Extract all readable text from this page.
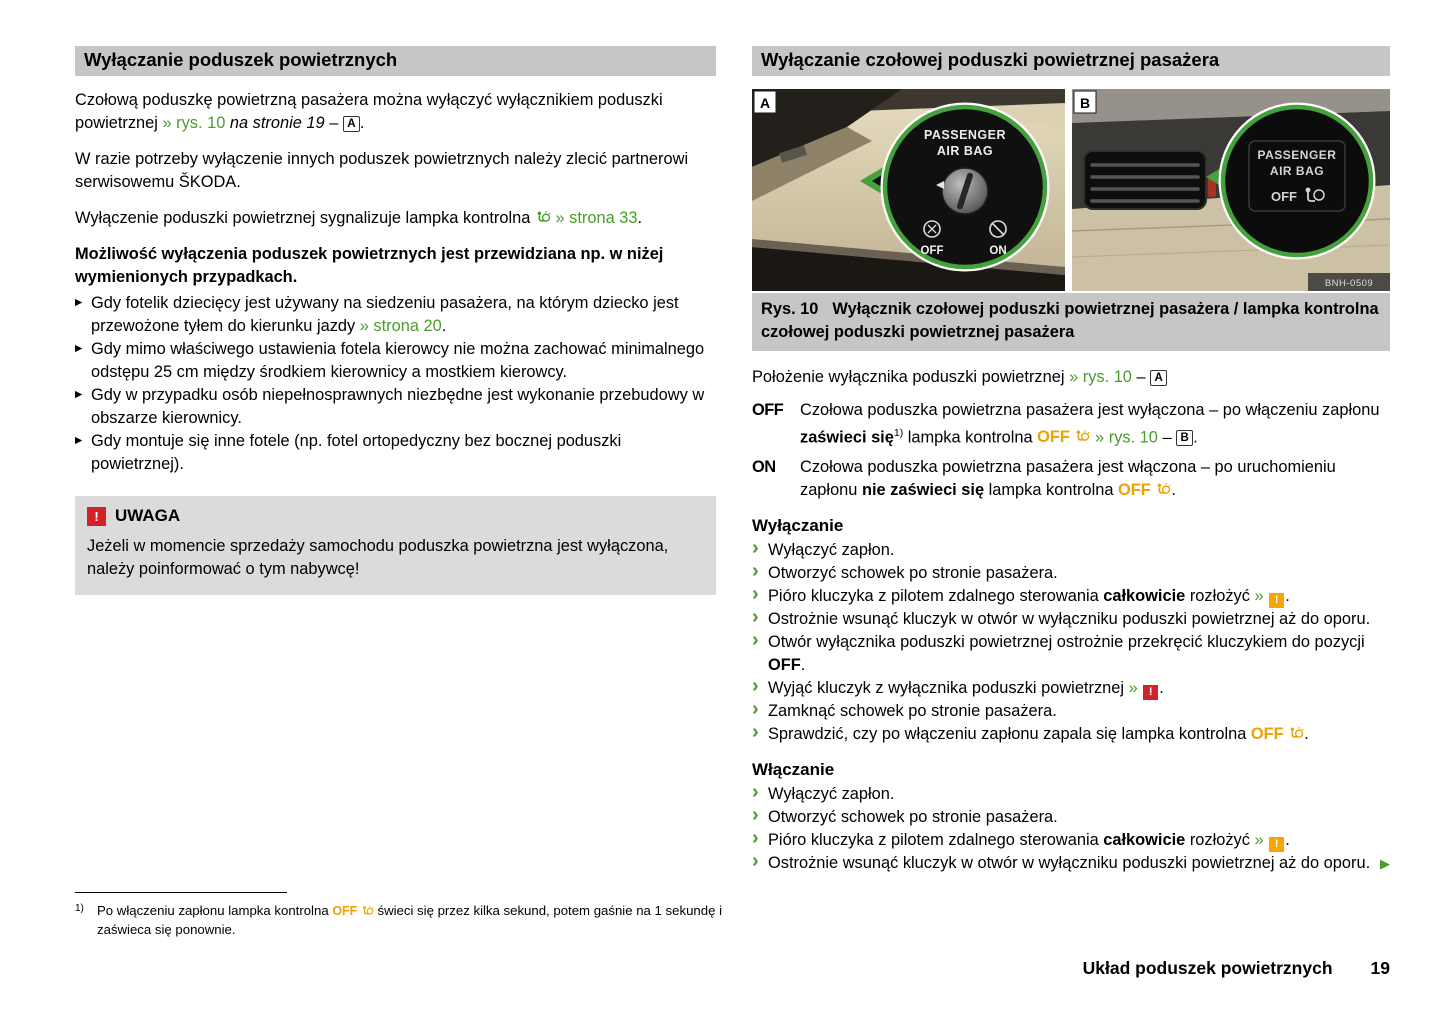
Wyłączanie poduszek powietrznych

Czołową poduszkę powietrzną pasażera można wyłączyć wyłącznikiem poduszki powietrznej » rys. 10 na stronie 19 – A .

W razie potrzeby wyłączenie innych poduszek powietrznych należy zlecić partnerowi serwisowemu ŠKODA.

Wyłączenie poduszki powietrznej sygnalizuje lampka kontrolna  » strona 33.

Możliwość wyłączenia poduszek powietrznych jest przewidziana np. w niżej wymienionych przypadkach.

▶ Gdy fotelik dziecięcy jest używany na siedzeniu pasażera, na którym dziecko jest przewożone tyłem do kierunku jazdy » strona 20.
▶ Gdy mimo właściwego ustawienia fotela kierowcy nie można zachować minimalnego odstępu 25 cm między środkiem kierownicy a mostkiem kierowcy.
▶ Gdy w przypadku osób niepełnosprawnych niezbędne jest wykonanie przebudowy w obszarze kierownicy.
▶ Gdy montuje się inne fotele (np. fotel ortopedyczny bez bocznej poduszki powietrznej).
! UWAGA
Jeżeli w momencie sprzedaży samochodu poduszka powietrzna jest wyłączona, należy poinformować o tym nabywcę!
Wyłączanie czołowej poduszki powietrznej pasażera
PASSENGER
AIR BAG
OFF	ON
A
PASSENGER
AIR BAG
OFF
BNH-0509
B
Rys. 10 Wyłącznik czołowej poduszki powietrznej pasażera / lampka kontrolna czołowej poduszki powietrznej pasażera

Położenie wyłącznika poduszki powietrznej » rys. 10 – A

OFF	Czołowa poduszka powietrzna pasażera jest wyłączona – po włączeniu zapłonu zaświeci się$^{1)}$ lampka kontrolna OFF  » rys. 10 – B .
ON	Czołowa poduszka powietrzna pasażera jest włączona – po uruchomieniu zapłonu nie zaświeci się lampka kontrolna OFF .
Wyłączanie
› Wyłączyć zapłon.
› Otworzyć schowek po stronie pasażera.
› Pióro kluczyka z pilotem zdalnego sterowania całkowicie rozłożyć » ! .
› Ostrożnie wsunąć kluczyk w otwór w wyłączniku poduszki powietrznej aż do oporu.
› Otwór wyłącznika poduszki powietrznej ostrożnie przekręcić kluczykiem do pozycji OFF.
› Wyjąć kluczyk z wyłącznika poduszki powietrznej » ! .
› Zamknąć schowek po stronie pasażera.
› Sprawdzić, czy po włączeniu zapłonu zapala się lampka kontrolna OFF .
Włączanie
› Wyłączyć zapłon.
› Otworzyć schowek po stronie pasażera.
› Pióro kluczyka z pilotem zdalnego sterowania całkowicie rozłożyć » ! .
› Ostrożnie wsunąć kluczyk w otwór w wyłączniku poduszki powietrznej aż do oporu. ▶
1) Po włączeniu zapłonu lampka kontrolna OFF  świeci się przez kilka sekund, potem gaśnie na 1 sekundę i zaświeca się ponownie.
Układ poduszek powietrznych 19
